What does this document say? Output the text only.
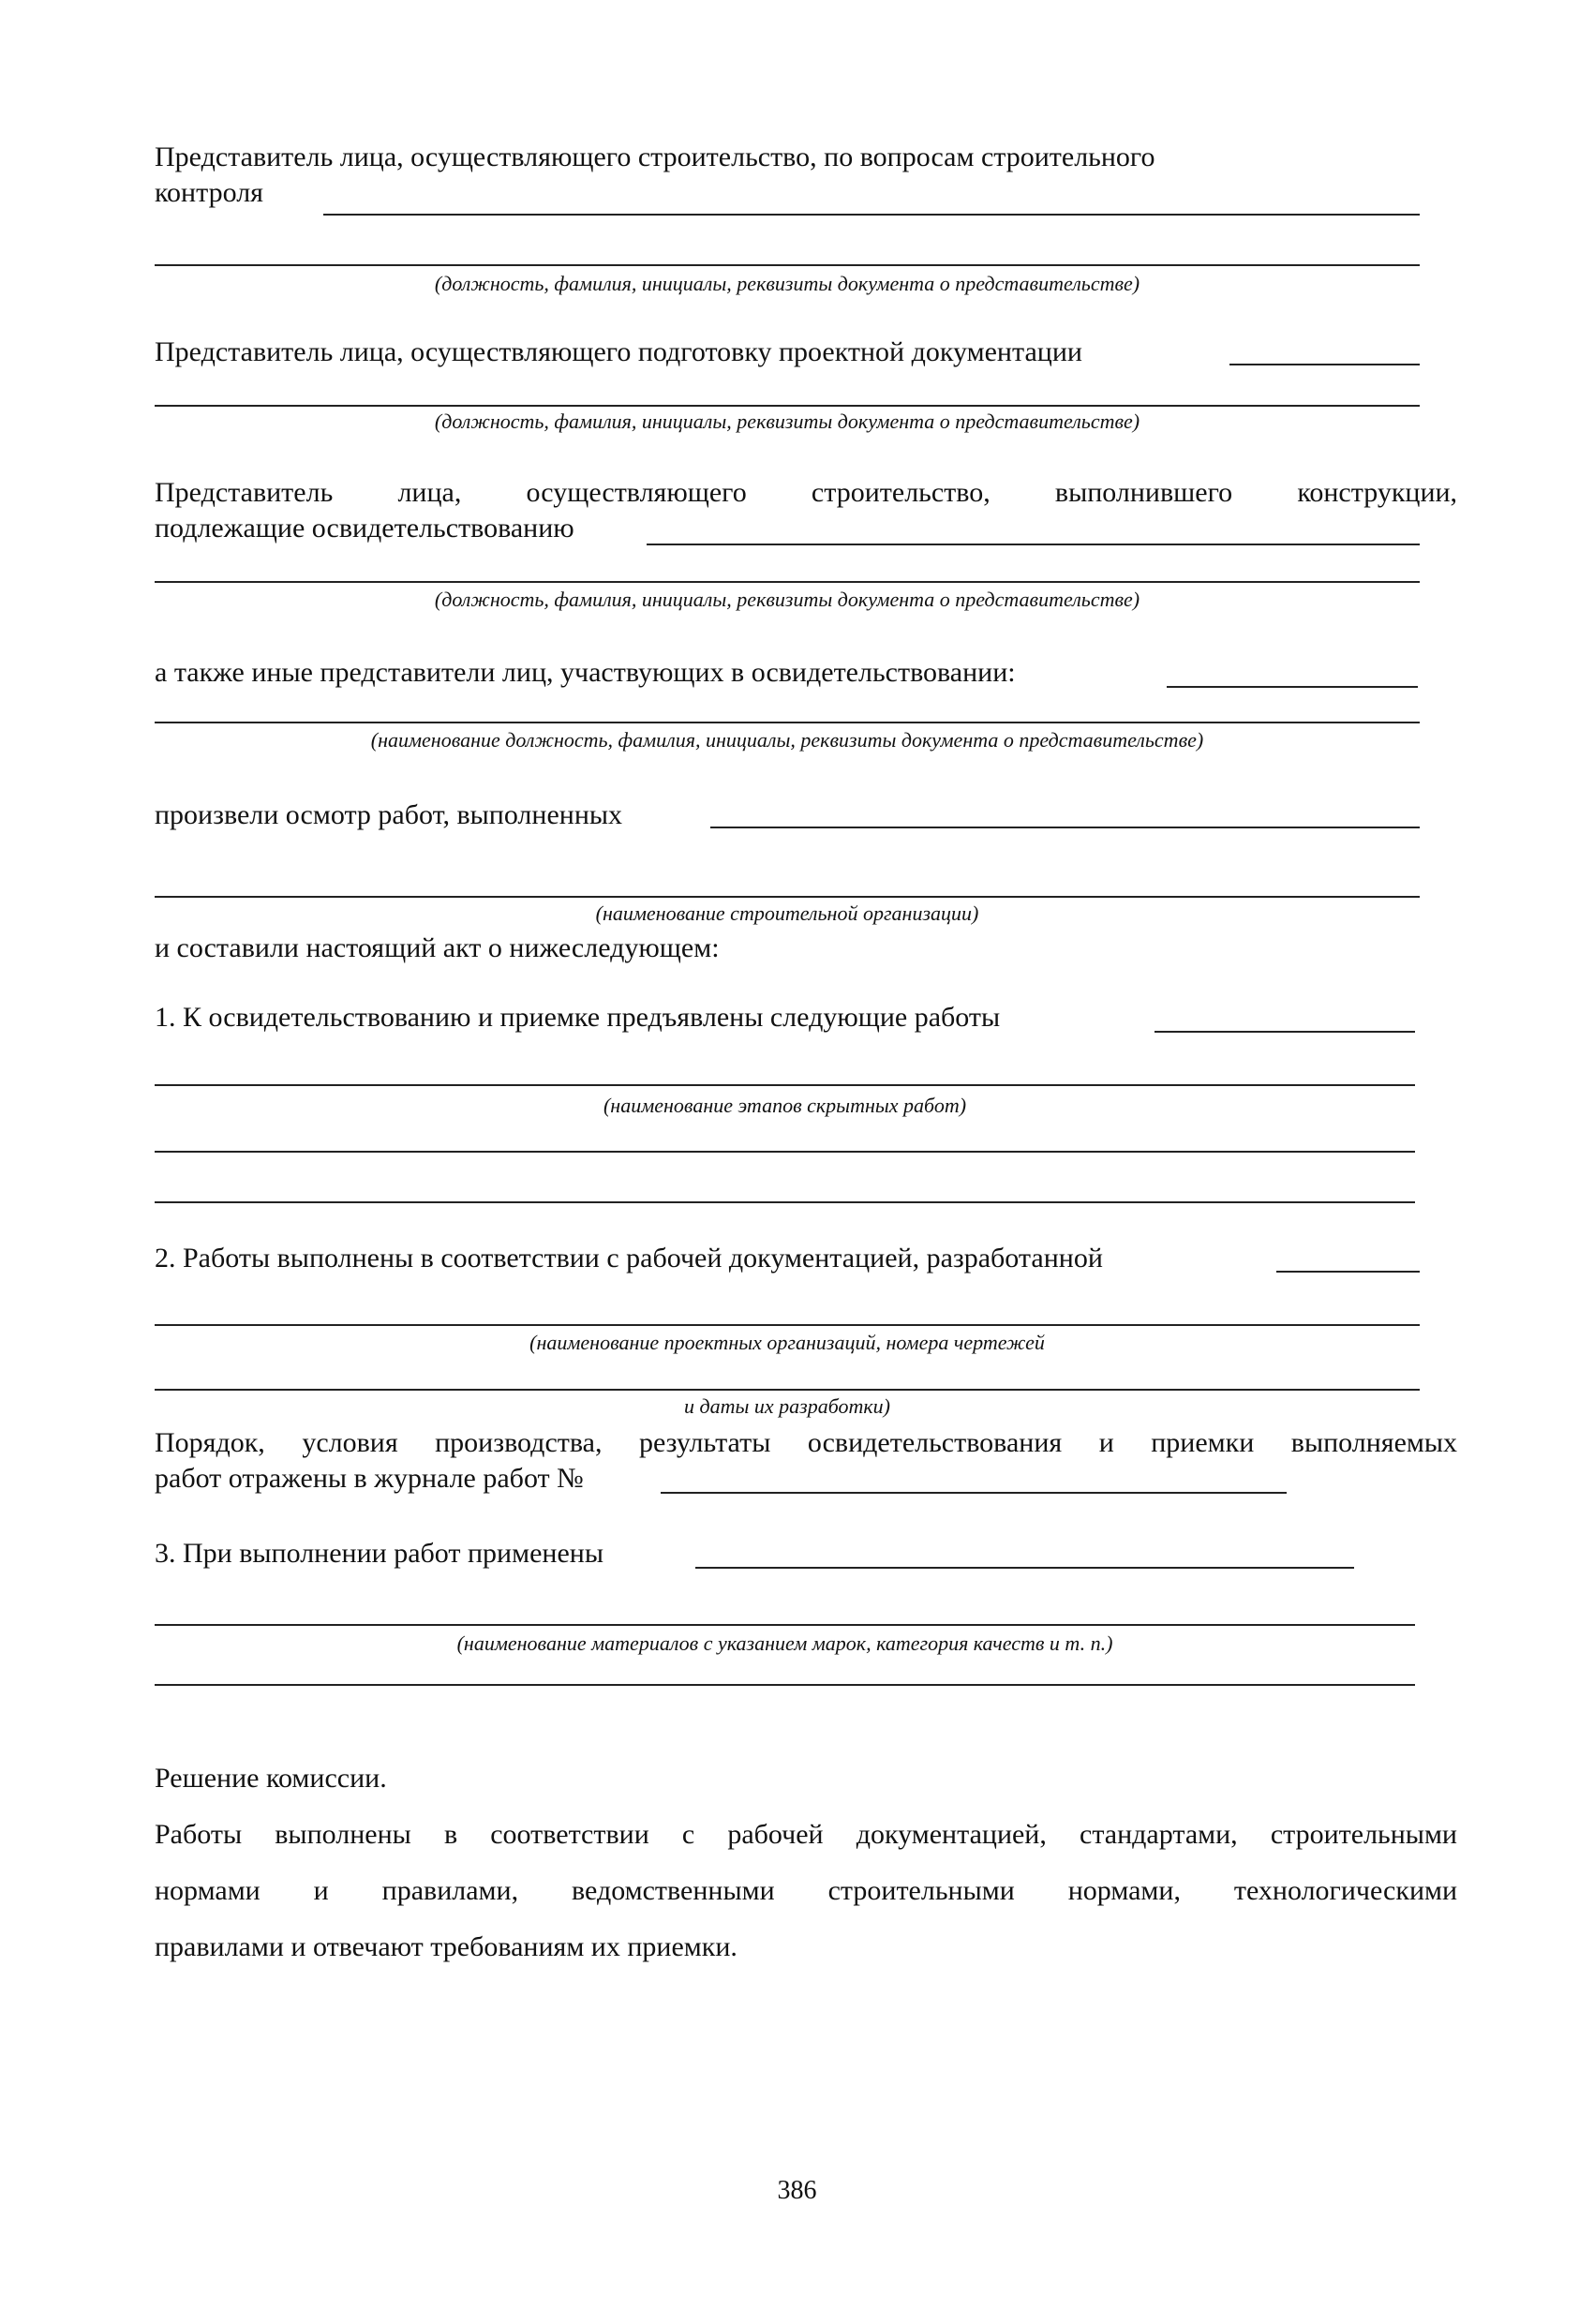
Представитель лица, осуществляющего строительство, по вопросам строительного
контроля
(должность, фамилия, инициалы, реквизиты документа о представительстве)
Представитель лица, осуществляющего подготовку проектной документации
(должность, фамилия, инициалы, реквизиты документа о представительстве)
Представитель лица, осуществляющего строительство, выполнившего конструкции,
подлежащие освидетельствованию
(должность, фамилия, инициалы, реквизиты документа о представительстве)
а также иные представители лиц, участвующих в освидетельствовании:
(наименование должность, фамилия, инициалы, реквизиты документа о представительстве)
произвели осмотр работ, выполненных
(наименование строительной организации)
и составили настоящий акт о нижеследующем:
1. К освидетельствованию и приемке предъявлены следующие работы
(наименование этапов скрытных работ)
2. Работы выполнены в соответствии с рабочей документацией, разработанной
(наименование проектных организаций, номера чертежей
и даты их разработки)
Порядок, условия производства, результаты освидетельствования и приемки выполняемых
работ отражены в журнале работ №
3. При выполнении работ применены
(наименование материалов с указанием марок, категория качеств и т. п.)
Решение комиссии.
Работы выполнены в соответствии с рабочей документацией, стандартами, строительными
нормами и правилами, ведомственными строительными нормами, технологическими
правилами и отвечают требованиям их приемки.
386
